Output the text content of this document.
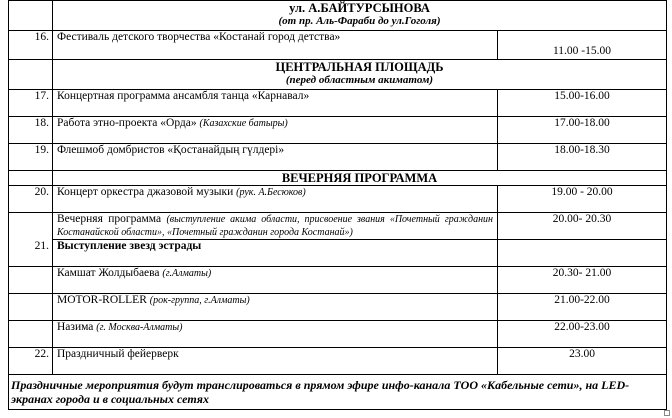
	ул. А.БАЙТУРСЫНОВА
(от пр. Аль-Фараби до ул.Гоголя)	

16.	Фестиваль детского творчества «Костанай город детства»	11.00 -15.00
	ЦЕНТРАЛЬНАЯ ПЛОЩАДЬ
(перед областным акиматом)	

17.	Концертная программа ансамбля танца «Карнавал»	15.00-16.00
18.	Работа этно-проекта «Орда» (Казахские батыры)	17.00-18.00
19.	Флешмоб домбристов «Қостанайдың гүлдері»	18.00-18.30
	ВЕЧЕРНЯЯ ПРОГРАММА	
20.	Концерт оркестра джазовой музыки (рук. А.Бесюков)	19.00 - 20.00
	Вечерняя программа (выступление акима области, присвоение звания «Почетный гражданин Костанайской области», «Почетный гражданин города Костанай»)	20.00- 20.30
21.	Выступление звезд эстрады	
	Камшат Жолдыбаева (г.Алматы)	20.30- 21.00
	MOTOR-ROLLER (рок-группа, г.Алматы)	21.00-22.00
	Назима (г. Москва-Алматы)	22.00-23.00
22.	Праздничный фейерверк	23.00
Праздничные мероприятия будут транслироваться в прямом эфире инфо-канала ТОО «Кабельные сети», на LED-экранах города и в социальных сетях		
